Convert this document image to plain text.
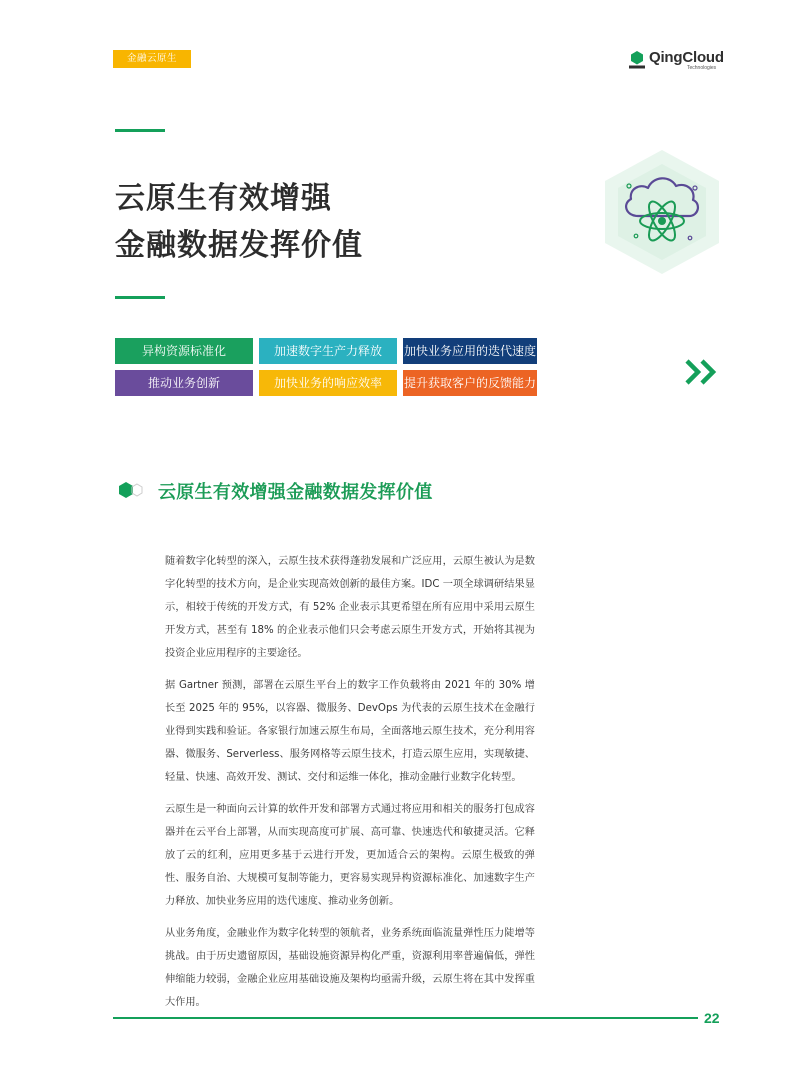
金融云原生	QingCloud
Technologies
云原生有效增强
金融数据发挥价值
异构资源标准化	加速数字生产力释放	加快业务应用的迭代速度
推动业务创新	加快业务的响应效率	提升获取客户的反馈能力
云原生有效增强金融数据发挥价值

随着数字化转型的深入，云原生技术获得蓬勃发展和广泛应用，云原生被认为是数字化转型的技术方向，是企业实现高效创新的最佳方案。IDC 一项全球调研结果显示，相较于传统的开发方式，有 52% 企业表示其更希望在所有应用中采用云原生开发方式，甚至有 18% 的企业表示他们只会考虑云原生开发方式，开始将其视为投资企业应用程序的主要途径。

据 Gartner 预测，部署在云原生平台上的数字工作负载将由 2021 年的 30% 增长至 2025 年的 95%，以容器、微服务、DevOps 为代表的云原生技术在金融行业得到实践和验证。各家银行加速云原生布局，全面落地云原生技术，充分利用容器、微服务、Serverless、服务网格等云原生技术，打造云原生应用，实现敏捷、轻量、快速、高效开发、测试、交付和运维一体化，推动金融行业数字化转型。

云原生是一种面向云计算的软件开发和部署方式通过将应用和相关的服务打包成容器并在云平台上部署，从而实现高度可扩展、高可靠、快速迭代和敏捷灵活。它释放了云的红利，应用更多基于云进行开发，更加适合云的架构。云原生极致的弹性、服务自治、大规模可复制等能力，更容易实现异构资源标准化、加速数字生产力释放、加快业务应用的迭代速度、推动业务创新。

从业务角度，金融业作为数字化转型的领航者，业务系统面临流量弹性压力陡增等挑战。由于历史遗留原因，基础设施资源异构化严重，资源利用率普遍偏低，弹性伸缩能力较弱，金融企业应用基础设施及架构均亟需升级，云原生将在其中发挥重大作用。

22
